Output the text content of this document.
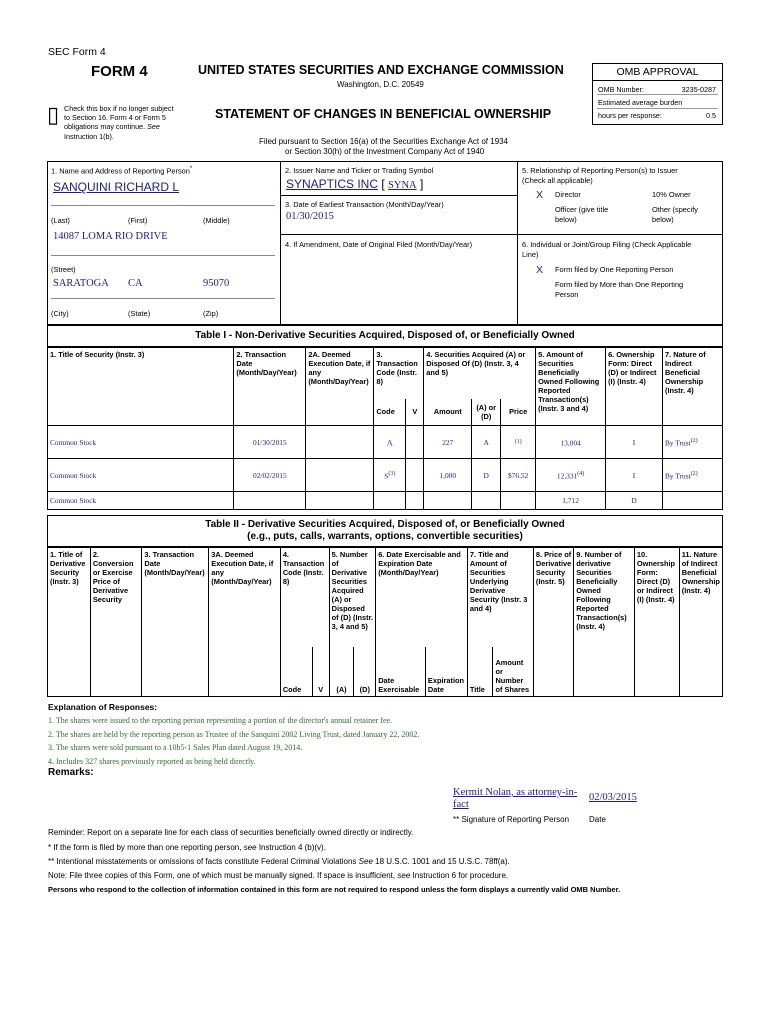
SEC Form 4
FORM 4	UNITED STATES SECURITIES AND EXCHANGE COMMISSION
Washington, D.C. 20549
▯ Check this box if no longer subject
to Section 16. Form 4 or Form 5
obligations may continue. See
Instruction 1(b).
STATEMENT OF CHANGES IN BENEFICIAL OWNERSHIP
Filed pursuant to Section 16(a) of the Securities Exchange Act of 1934
or Section 30(h) of the Investment Company Act of 1940
OMB APPROVAL
OMB Number:	3235-0287
Estimated average burden
hours per response:	0.5
1. Name and Address of Reporting Person*
SANQUINI RICHARD L
(Last)	(First)	(Middle)
14087 LOMA RIO DRIVE
(Street)
SARATOGA CA	95070
(City)	(State)	(Zip)
2. Issuer Name and Ticker or Trading Symbol
SYNAPTICS INC [ SYNA ]
3. Date of Earliest Transaction (Month/Day/Year)
01/30/2015
4. If Amendment, Date of Original Filed (Month/Day/Year)
5. Relationship of Reporting Person(s) to Issuer
(Check all applicable)
X Director	10% Owner
Officer (give title
below)
Other (specify
below)
6. Individual or Joint/Group Filing (Check Applicable
Line)
X Form filed by One Reporting Person
Form filed by More than One Reporting
Person
Table I - Non-Derivative Securities Acquired, Disposed of, or Beneficially Owned
1. Title of Security (Instr. 3)	2. Transaction Date (Month/Day/Year)	2A. Deemed Execution Date, if any (Month/Day/Year)	3. Transaction Code (Instr. 8)		4. Securities Acquired (A) or Disposed Of (D) (Instr. 3, 4 and 5)			5. Amount of Securities Beneficially Owned Following Reported Transaction(s) (Instr. 3 and 4)	6. Ownership Form: Direct (D) or Indirect (I) (Instr. 4)	7. Nature of Indirect Beneficial Ownership (Instr. 4)
			Code	V	Amount	(A) or (D)	Price			
Common Stock	01/30/2015		A		227	A	(1)	13,004	I	By Trust$^{(2)}$
Common Stock	02/02/2015		$S^{(3)}$		1,000	D	$76.52	12,331$^{(4)}$	I	By Trust$^{(2)}$
Common Stock								1,712	D	
Table II - Derivative Securities Acquired, Disposed of, or Beneficially Owned
(e.g., puts, calls, warrants, options, convertible securities)
1. Title of Derivative Security (Instr. 3)	2. Conversion or Exercise Price of Derivative Security	3. Transaction Date (Month/Day/Year)	3A. Deemed Execution Date, if any (Month/Day/Year)	4. Transaction Code (Instr. 8)		5. Number of Derivative Securities Acquired (A) or Disposed of (D) (Instr. 3, 4 and 5)		6. Date Exercisable and Expiration Date (Month/Day/Year)		7. Title and Amount of Securities Underlying Derivative Security (Instr. 3 and 4)		8. Price of Derivative Security (Instr. 5)	9. Number of derivative Securities Beneficially Owned Following Reported Transaction(s) (Instr. 4)	10. Ownership Form: Direct (D) or Indirect (I) (Instr. 4)	11. Nature of Indirect Beneficial Ownership (Instr. 4)
				Code	V	(A)	(D)	Date Exercisable	Expiration Date	Title	Amount or Number of Shares				
Explanation of Responses:
1. The shares were issued to the reporting person representing a portion of the director's annual retainer fee.
2. The shares are held by the reporting person as Trustee of the Sanquini 2002 Living Trust, dated January 22, 2002.
3. The shares were sold pursuant to a 10b5-1 Sales Plan dated August 19, 2014.
4. Includes 327 shares previously reported as being held directly.
Remarks:
Kermit Nolan, as attorney-in-fact
02/03/2015
** Signature of Reporting Person Date
Reminder: Report on a separate line for each class of securities beneficially owned directly or indirectly.
* If the form is filed by more than one reporting person, see Instruction 4 (b)(v).
** Intentional misstatements or omissions of facts constitute Federal Criminal Violations See 18 U.S.C. 1001 and 15 U.S.C. 78ff(a).
Note: File three copies of this Form, one of which must be manually signed. If space is insufficient, see Instruction 6 for procedure.
Persons who respond to the collection of information contained in this form are not required to respond unless the form displays a currently valid OMB Number.
